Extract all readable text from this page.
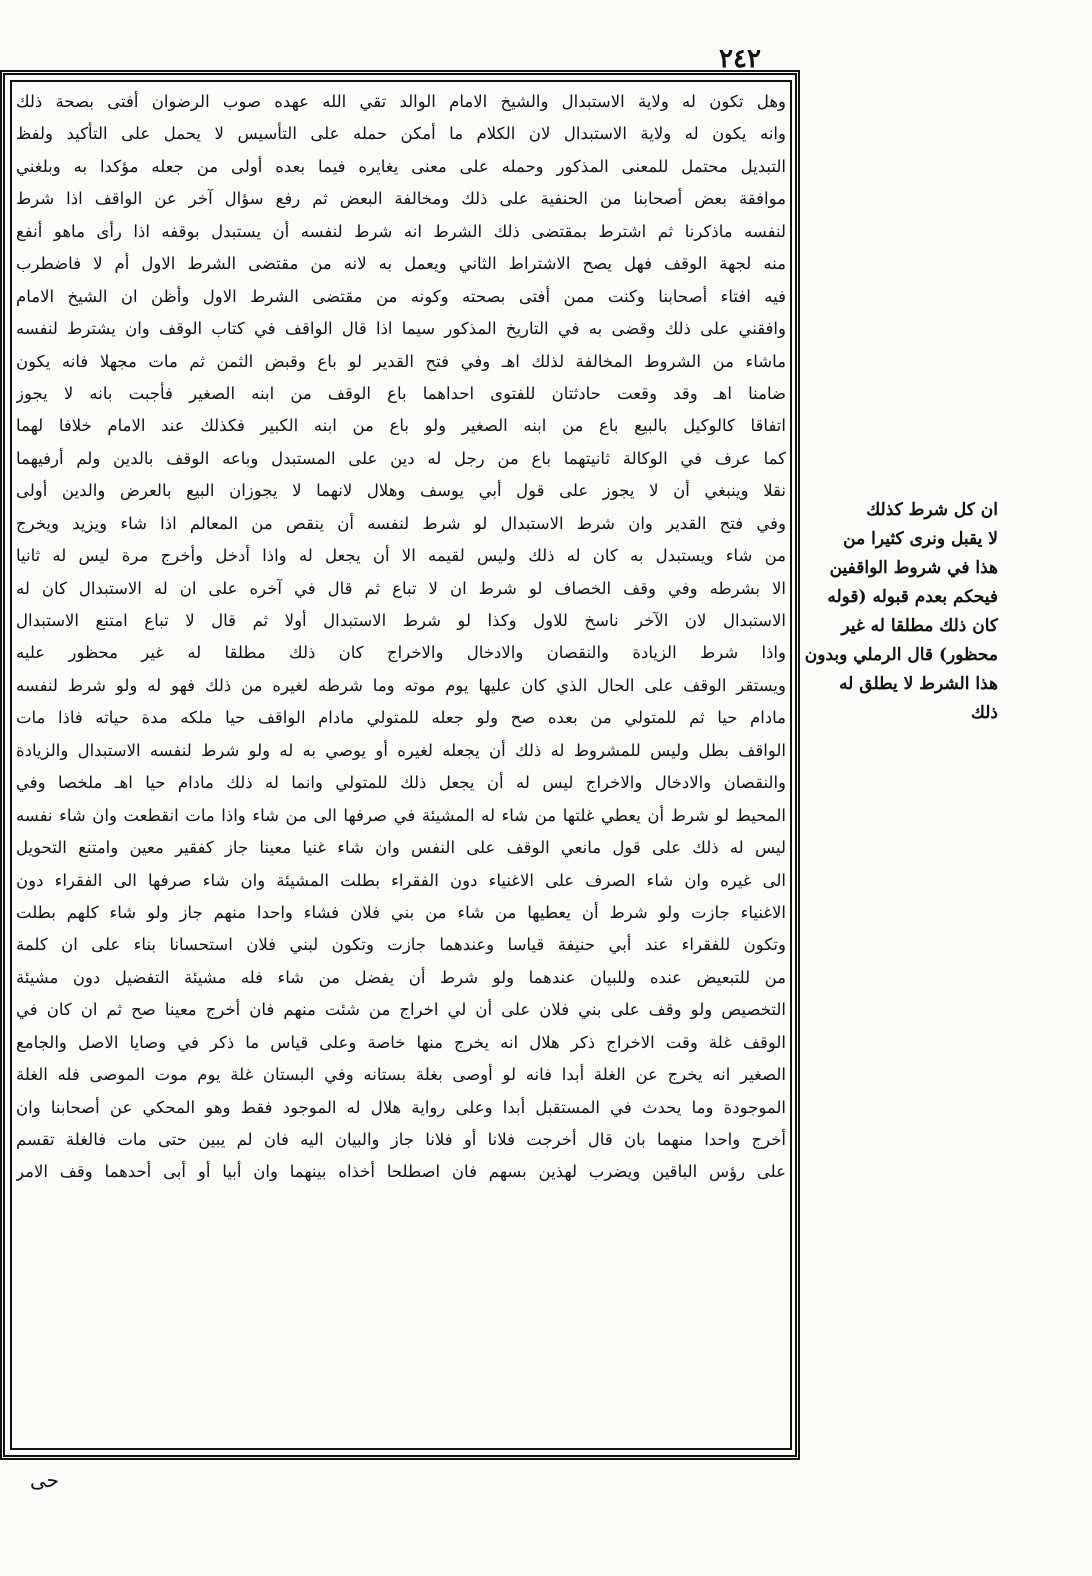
٢٤٢
وهل تكون له ولاية الاستبدال والشيخ الامام الوالد تقي الله عهده صوب الرضوان أفتى بصحة ذلك
وانه يكون له ولاية الاستبدال لان الكلام ما أمكن حمله على التأسيس لا يحمل على التأكيد ولفظ
التبديل محتمل للمعنى المذكور وحمله على معنى يغايره فيما بعده أولى من جعله مؤكدا به وبلغني
موافقة بعض أصحابنا من الحنفية على ذلك ومخالفة البعض ثم رفع سؤال آخر عن الواقف اذا شرط
لنفسه ماذكرنا ثم اشترط بمقتضى ذلك الشرط انه شرط لنفسه أن يستبدل بوقفه اذا رأى ماهو أنفع
منه لجهة الوقف فهل يصح الاشتراط الثاني ويعمل به لانه من مقتضى الشرط الاول أم لا فاضطرب
فيه افتاء أصحابنا وكنت ممن أفتى بصحته وكونه من مقتضى الشرط الاول وأظن ان الشيخ الامام
وافقني على ذلك وقضى به في التاريخ المذكور سيما اذا قال الواقف في كتاب الوقف وان يشترط لنفسه
ماشاء من الشروط المخالفة لذلك اهـ وفي فتح القدير لو باع وقبض الثمن ثم مات مجهلا فانه يكون
ضامنا اهـ وقد وقعت حادثتان للفتوى احداهما باع الوقف من ابنه الصغير فأجبت بانه لا يجوز
اتفاقا كالوكيل بالبيع باع من ابنه الصغير ولو باع من ابنه الكبير فكذلك عند الامام خلافا لهما
كما عرف في الوكالة ثانيتهما باع من رجل له دين على المستبدل وباعه الوقف بالدين ولم أرفيهما
نقلا وينبغي أن لا يجوز على قول أبي يوسف وهلال لانهما لا يجوزان البيع بالعرض والدين أولى
وفي فتح القدير وان شرط الاستبدال لو شرط لنفسه أن ينقص من المعالم اذا شاء ويزيد ويخرج
من شاء ويستبدل به كان له ذلك وليس لقيمه الا أن يجعل له واذا أدخل وأخرج مرة ليس له ثانيا
الا بشرطه وفي وقف الخصاف لو شرط ان لا تباع ثم قال في آخره على ان له الاستبدال كان له
الاستبدال لان الآخر ناسخ للاول وكذا لو شرط الاستبدال أولا ثم قال لا تباع امتنع الاستبدال
واذا شرط الزيادة والنقصان والادخال والاخراج كان ذلك مطلقا له غير محظور عليه
ويستقر الوقف على الحال الذي كان عليها يوم موته وما شرطه لغيره من ذلك فهو له ولو شرط لنفسه
مادام حيا ثم للمتولي من بعده صح ولو جعله للمتولي مادام الواقف حيا ملكه مدة حياته فاذا مات
الواقف بطل وليس للمشروط له ذلك أن يجعله لغيره أو يوصي به له ولو شرط لنفسه الاستبدال والزيادة
والنقصان والادخال والاخراج ليس له أن يجعل ذلك للمتولي وانما له ذلك مادام حيا اهـ ملخصا وفي
المحيط لو شرط أن يعطي غلتها من شاء له المشيئة في صرفها الى من شاء واذا مات انقطعت وان شاء نفسه
ليس له ذلك على قول مانعي الوقف على النفس وان شاء غنيا معينا جاز كفقير معين وامتنع التحويل
الى غيره وان شاء الصرف على الاغنياء دون الفقراء بطلت المشيئة وان شاء صرفها الى الفقراء دون
الاغنياء جازت ولو شرط أن يعطيها من شاء من بني فلان فشاء واحدا منهم جاز ولو شاء كلهم بطلت
وتكون للفقراء عند أبي حنيفة قياسا وعندهما جازت وتكون لبني فلان استحسانا بناء على ان كلمة
من للتبعيض عنده وللبيان عندهما ولو شرط أن يفضل من شاء فله مشيئة التفضيل دون مشيئة
التخصيص ولو وقف على بني فلان على أن لي اخراج من شئت منهم فان أخرج معينا صح ثم ان كان في
الوقف غلة وقت الاخراج ذكر هلال انه يخرج منها خاصة وعلى قياس ما ذكر في وصايا الاصل والجامع
الصغير انه يخرج عن الغلة أبدا فانه لو أوصى بغلة بستانه وفي البستان غلة يوم موت الموصى فله الغلة
الموجودة وما يحدث في المستقبل أبدا وعلى رواية هلال له الموجود فقط وهو المحكي عن أصحابنا وان
أخرج واحدا منهما بان قال أخرجت فلانا أو فلانا جاز والبيان اليه فان لم يبين حتى مات فالغلة تقسم
على رؤس الباقين ويضرب لهذين بسهم فان اصطلحا أخذاه بينهما وان أبيا أو أبى أحدهما وقف الامر
ان كل شرط كذلك
لا يقبل ونرى كثيرا من
هذا في شروط الواقفين
فيحكم بعدم قبوله (قوله
كان ذلك مطلقا له غير
محظور) قال الرملي وبدون
هذا الشرط لا يطلق له
ذلك
حى
